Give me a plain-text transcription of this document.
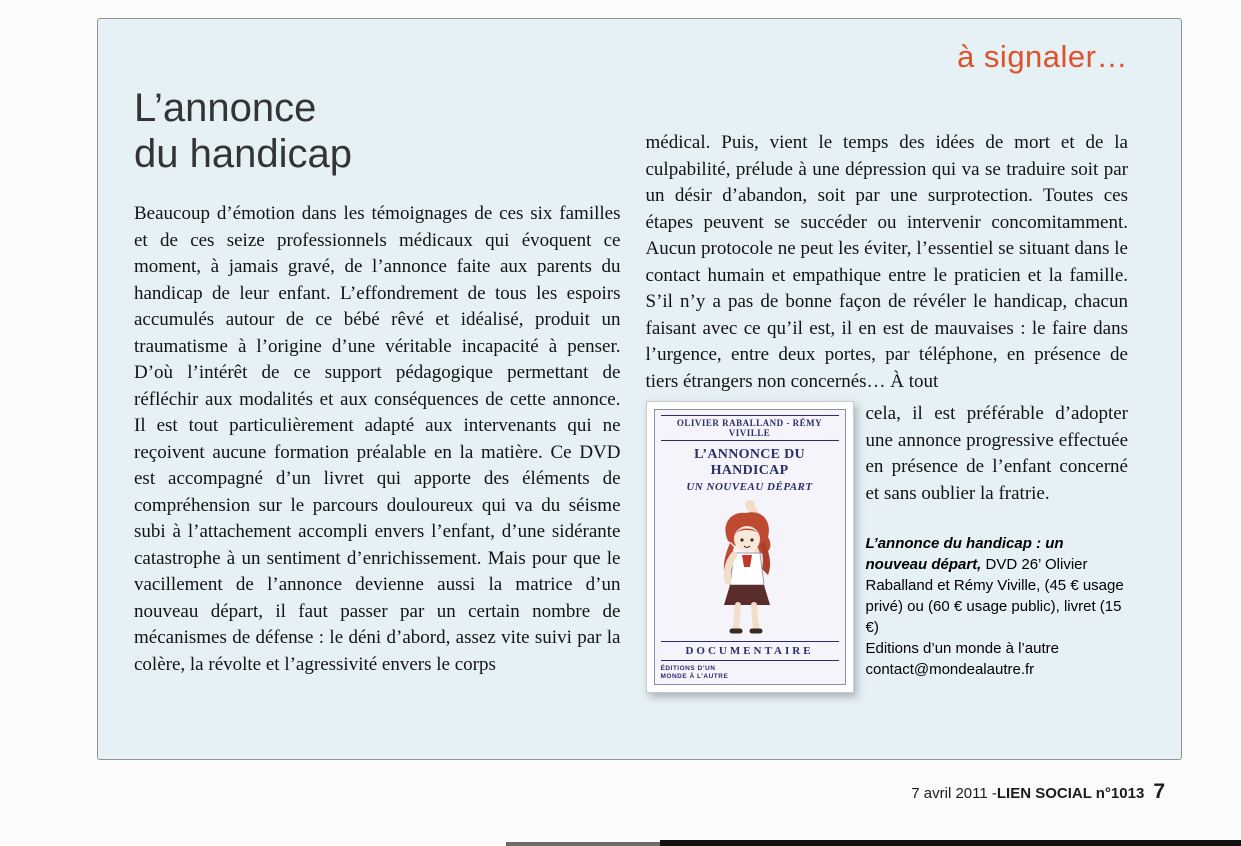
à signaler…
L’annonce
du handicap
Beaucoup d’émotion dans les témoignages de ces six familles et de ces seize professionnels médicaux qui évoquent ce moment, à jamais gravé, de l’annonce faite aux parents du handicap de leur enfant. L’effondrement de tous les espoirs accumulés autour de ce bébé rêvé et idéalisé, produit un traumatisme à l’origine d’une véritable incapacité à penser. D’où l’intérêt de ce support pédagogique permettant de réfléchir aux modalités et aux conséquences de cette annonce. Il est tout particulièrement adapté aux intervenants qui ne reçoivent aucune formation préalable en la matière. Ce DVD est accompagné d’un livret qui apporte des éléments de compréhension sur le parcours douloureux qui va du séisme subi à l’attachement accompli envers l’enfant, d’une sidérante catastrophe à un sentiment d’enrichissement. Mais pour que le vacillement de l’annonce devienne aussi la matrice d’un nouveau départ, il faut passer par un certain nombre de mécanismes de défense : le déni d’abord, assez vite suivi par la colère, la révolte et l’agressivité envers le corps
médical. Puis, vient le temps des idées de mort et de la culpabilité, prélude à une dépression qui va se traduire soit par un désir d’abandon, soit par une surprotection. Toutes ces étapes peuvent se succéder ou intervenir concomitamment. Aucun protocole ne peut les éviter, l’essentiel se situant dans le contact humain et empathique entre le praticien et la famille. S’il n’y a pas de bonne façon de révéler le handicap, chacun faisant avec ce qu’il est, il en est de mauvaises : le faire dans l’urgence, entre deux portes, par téléphone, en présence de tiers étrangers non concernés… À tout
OLIVIER RABALLAND - RÉMY VIVILLE
L’ANNONCE DU HANDICAP
UN NOUVEAU DÉPART
DOCUMENTAIRE
ÉDITIONS D’UN MONDE À L’AUTRE
cela, il est préférable d’adopter une annonce progressive effectuée en présence de l’enfant concerné et sans oublier la fratrie.
L’annonce du handicap : un nouveau départ, DVD 26’ Olivier Raballand et Rémy Viville, (45 € usage privé) ou (60 € usage public), livret (15 €)
Editions d’un monde à l’autre
contact@mondealautre.fr
7 avril 2011 - LIEN SOCIAL n°1013 7
